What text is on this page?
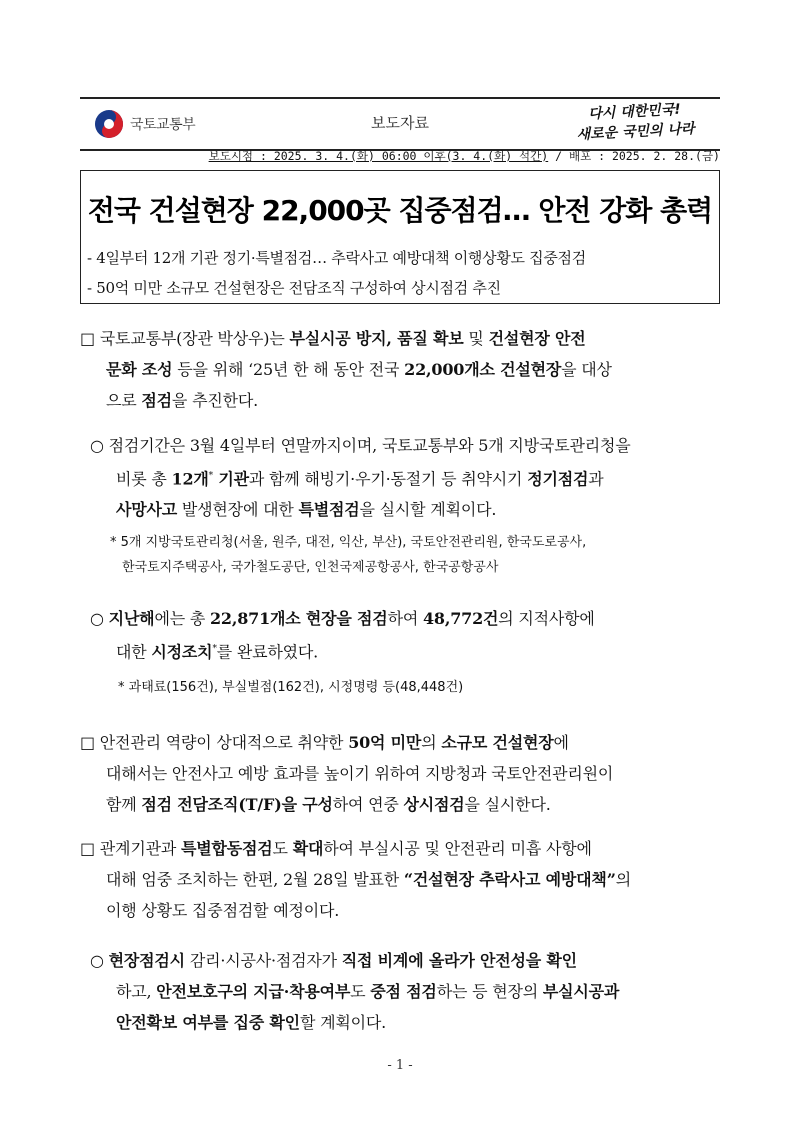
국토교통부	보도자료
다시 대한민국!
새로운 국민의 나라
보도시점 : 2025. 3. 4.(화) 06:00 이후(3. 4.(화) 석간) / 배포 : 2025. 2. 28.(금)
전국 건설현장 22,000곳 집중점검… 안전 강화 총력
- 4일부터 12개 기관 정기·특별점검… 추락사고 예방대책 이행상황도 집중점검
- 50억 미만 소규모 건설현장은 전담조직 구성하여 상시점검 추진
□ 국토교통부(장관 박상우)는 부실시공 방지, 품질 확보 및 건설현장 안전
문화 조성 등을 위해 ‘25년 한 해 동안 전국 22,000개소 건설현장을 대상
으로 점검을 추진한다.
○ 점검기간은 3월 4일부터 연말까지이며, 국토교통부와 5개 지방국토관리청을
비롯 총 12개* 기관과 함께 해빙기·우기·동절기 등 취약시기 정기점검과
사망사고 발생현장에 대한 특별점검을 실시할 계획이다.
* 5개 지방국토관리청(서울, 원주, 대전, 익산, 부산), 국토안전관리원, 한국도로공사,
한국토지주택공사, 국가철도공단, 인천국제공항공사, 한국공항공사
○ 지난해에는 총 22,871개소 현장을 점검하여 48,772건의 지적사항에
대한 시정조치*를 완료하였다.
* 과태료(156건), 부실벌점(162건), 시정명령 등(48,448건)
□ 안전관리 역량이 상대적으로 취약한 50억 미만의 소규모 건설현장에
대해서는 안전사고 예방 효과를 높이기 위하여 지방청과 국토안전관리원이
함께 점검 전담조직(T/F)을 구성하여 연중 상시점검을 실시한다.
□ 관계기관과 특별합동점검도 확대하여 부실시공 및 안전관리 미흡 사항에
대해 엄중 조치하는 한편, 2월 28일 발표한 “건설현장 추락사고 예방대책”의
이행 상황도 집중점검할 예정이다.
○ 현장점검시 감리·시공사·점검자가 직접 비계에 올라가 안전성을 확인
하고, 안전보호구의 지급·착용여부도 중점 점검하는 등 현장의 부실시공과
안전확보 여부를 집중 확인할 계획이다.
- 1 -
